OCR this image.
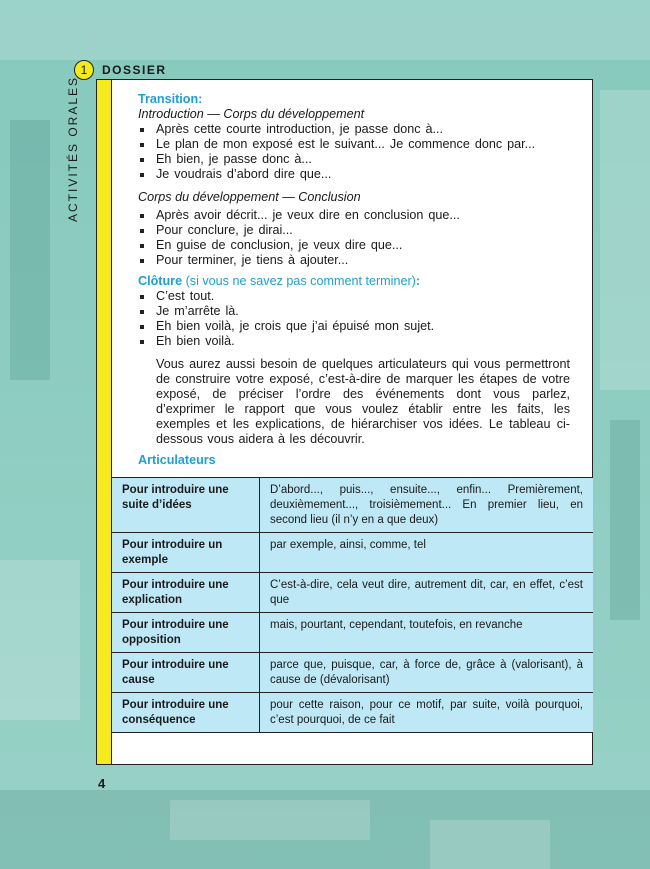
1	DOSSIER
ACTIVITÉS ORALES	Transition:

Introduction — Corps du développement

Après cette courte introduction, je passe donc à...
Le plan de mon exposé est le suivant... Je commence donc par...
Eh bien, je passe donc à...
Je voudrais d’abord dire que...

Corps du développement — Conclusion

Après avoir décrit... je veux dire en conclusion que...
Pour conclure, je dirai...
En guise de conclusion, je veux dire que...
Pour terminer, je tiens à ajouter...

Clôture (si vous ne savez pas comment terminer):

C’est tout.
Je m’arrête là.
Eh bien voilà, je crois que j’ai épuisé mon sujet.
Eh bien voilà.

Vous aurez aussi besoin de quelques articulateurs qui vous permettront de construire votre exposé, c’est-à-dire de marquer les étapes de votre exposé, de préciser l’ordre des événements dont vous parlez, d’exprimer le rapport que vous voulez établir entre les faits, les exemples et les explications, de hiérarchiser vos idées. Le tableau ci-dessous vous aidera à les découvrir.

Articulateurs

Pour introduire une suite d’idées
D’abord..., puis..., ensuite..., enfin... Premièrement, deuxièmement..., troisièmement... En premier lieu, en second lieu (il n’y en a que deux)
Pour introduire un exemple
par exemple, ainsi, comme, tel
Pour introduire une explication
C’est-à-dire, cela veut dire, autrement dit, car, en effet, c’est que
Pour introduire une opposition
mais, pourtant, cependant, toutefois, en revanche
Pour introduire une cause
parce que, puisque, car, à force de, grâce à (valorisant), à cause de (dévalorisant)
Pour introduire une conséquence
pour cette raison, pour ce motif, par suite, voilà pourquoi, c’est pourquoi, de ce fait
4
